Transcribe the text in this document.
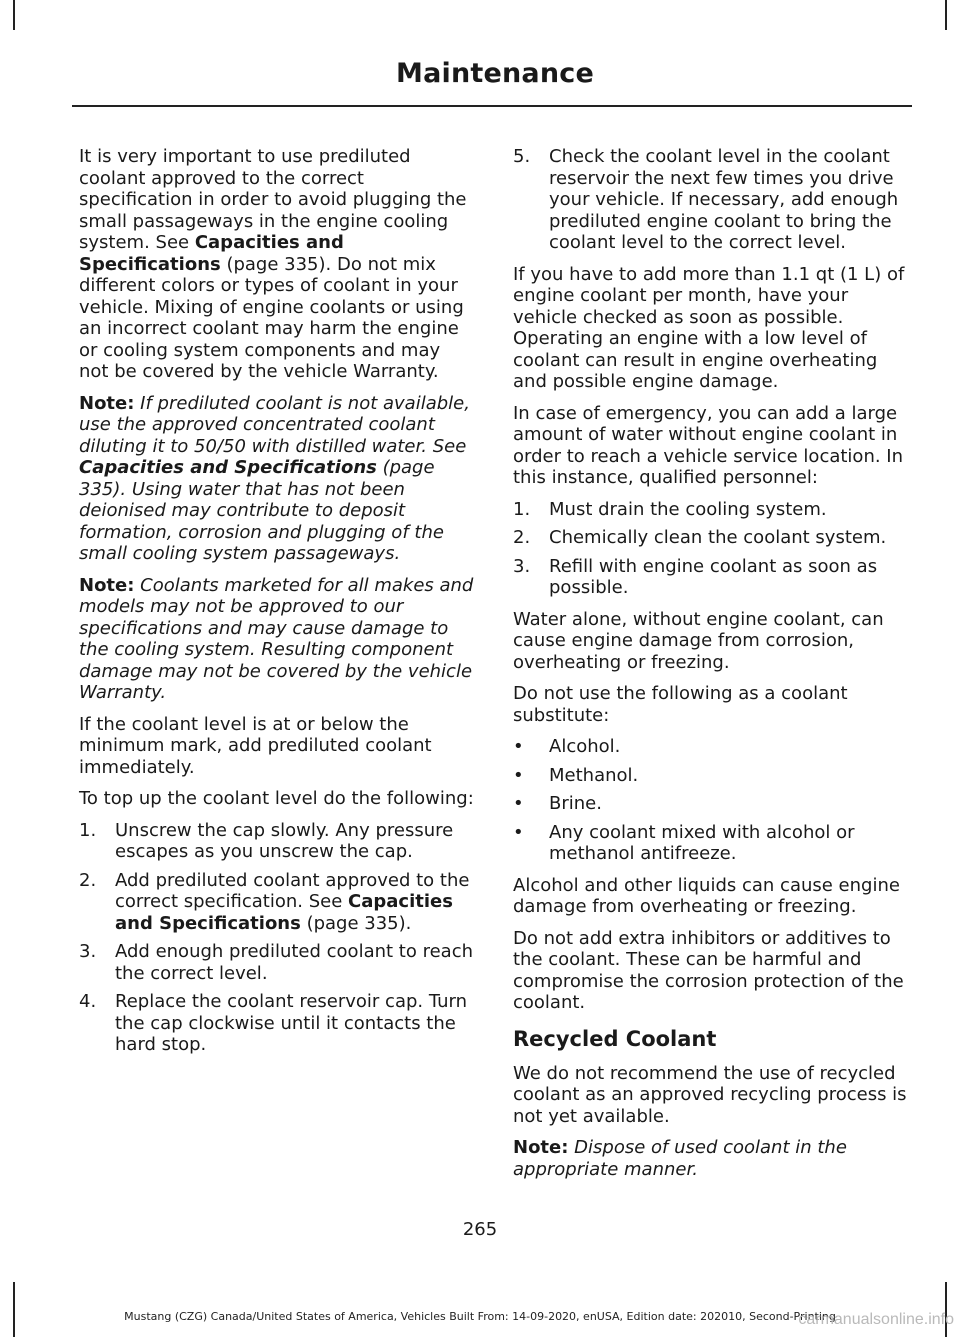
Maintenance

It is very important to use prediluted coolant approved to the correct specification in order to avoid plugging the small passageways in the engine cooling system. See Capacities and Specifications (page 335). Do not mix different colors or types of coolant in your vehicle. Mixing of engine coolants or using an incorrect coolant may harm the engine or cooling system components and may not be covered by the vehicle Warranty.

Note: If prediluted coolant is not available, use the approved concentrated coolant diluting it to 50/50 with distilled water. See Capacities and Specifications (page 335). Using water that has not been deionised may contribute to deposit formation, corrosion and plugging of the small cooling system passageways.

Note: Coolants marketed for all makes and models may not be approved to our specifications and may cause damage to the cooling system. Resulting component damage may not be covered by the vehicle Warranty.

If the coolant level is at or below the minimum mark, add prediluted coolant immediately.

To top up the coolant level do the following:

1. Unscrew the cap slowly. Any pressure escapes as you unscrew the cap.
2. Add prediluted coolant approved to the correct specification. See Capacities and Specifications (page 335).
3. Add enough prediluted coolant to reach the correct level.
4. Replace the coolant reservoir cap. Turn the cap clockwise until it contacts the hard stop.
5. Check the coolant level in the coolant reservoir the next few times you drive your vehicle. If necessary, add enough prediluted engine coolant to bring the coolant level to the correct level.

If you have to add more than 1.1 qt (1 L) of engine coolant per month, have your vehicle checked as soon as possible. Operating an engine with a low level of coolant can result in engine overheating and possible engine damage.

In case of emergency, you can add a large amount of water without engine coolant in order to reach a vehicle service location. In this instance, qualified personnel:

1. Must drain the cooling system.
2. Chemically clean the coolant system.
3. Refill with engine coolant as soon as possible.

Water alone, without engine coolant, can cause engine damage from corrosion, overheating or freezing.

Do not use the following as a coolant substitute:

• Alcohol.
• Methanol.
• Brine.
• Any coolant mixed with alcohol or methanol antifreeze.

Alcohol and other liquids can cause engine damage from overheating or freezing.

Do not add extra inhibitors or additives to the coolant. These can be harmful and compromise the corrosion protection of the coolant.

Recycled Coolant

We do not recommend the use of recycled coolant as an approved recycling process is not yet available.

Note: Dispose of used coolant in the appropriate manner.

265
Mustang (CZG) Canada/United States of America, Vehicles Built From: 14-09-2020, enUSA, Edition date: 202010, Second-Printing
carmanualsonline.info
